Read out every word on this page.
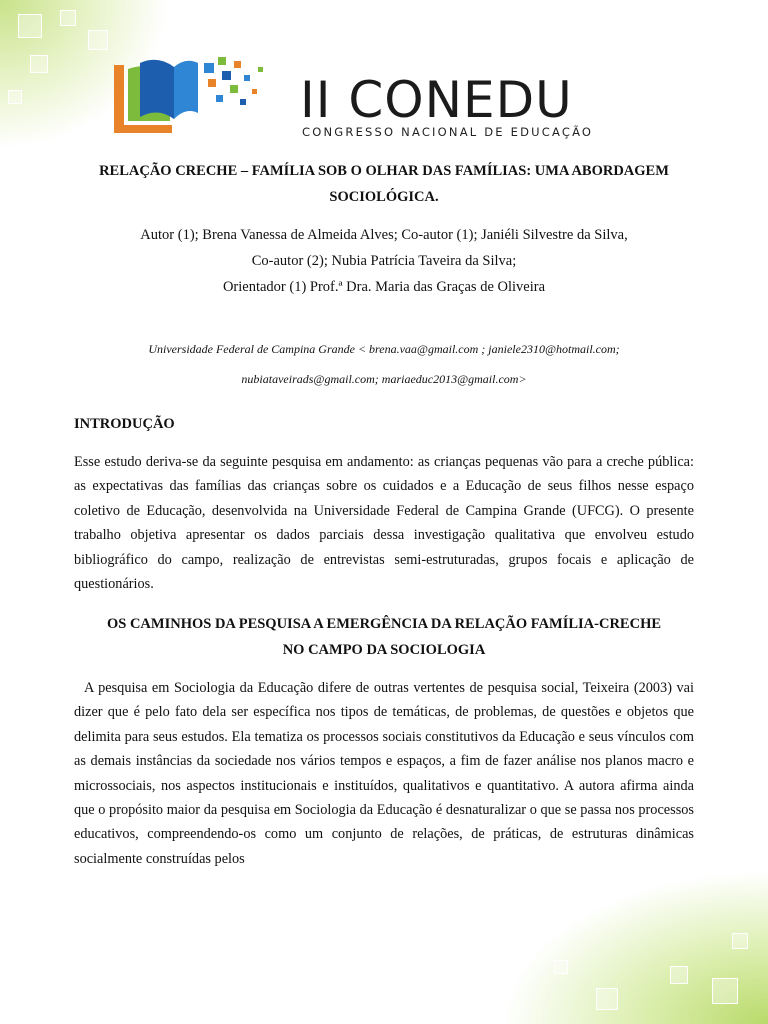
II CONEDU
CONGRESSO NACIONAL DE EDUCAÇÃO
RELAÇÃO CRECHE – FAMÍLIA SOB O OLHAR DAS FAMÍLIAS: UMA ABORDAGEM
SOCIOLÓGICA.
Autor (1); Brena Vanessa de Almeida Alves; Co-autor (1); Janiéli Silvestre da Silva,
Co-autor (2); Nubia Patrícia Taveira da Silva;
Orientador (1) Prof.ª Dra. Maria das Graças de Oliveira
Universidade Federal de Campina Grande < brena.vaa@gmail.com ; janiele2310@hotmail.com;
nubiataveirads@gmail.com; mariaeduc2013@gmail.com>
INTRODUÇÃO

Esse estudo deriva-se da seguinte pesquisa em andamento: as crianças pequenas vão para a creche pública: as expectativas das famílias das crianças sobre os cuidados e a Educação de seus filhos nesse espaço coletivo de Educação, desenvolvida na Universidade Federal de Campina Grande (UFCG). O presente trabalho objetiva apresentar os dados parciais dessa investigação qualitativa que envolveu estudo bibliográfico do campo, realização de entrevistas semi-estruturadas, grupos focais e aplicação de questionários.

OS CAMINHOS DA PESQUISA A EMERGÊNCIA DA RELAÇÃO FAMÍLIA-CRECHE
NO CAMPO DA SOCIOLOGIA

A pesquisa em Sociologia da Educação difere de outras vertentes de pesquisa social, Teixeira (2003) vai dizer que é pelo fato dela ser específica nos tipos de temáticas, de problemas, de questões e objetos que delimita para seus estudos. Ela tematiza os processos sociais constitutivos da Educação e seus vínculos com as demais instâncias da sociedade nos vários tempos e espaços, a fim de fazer análise nos planos macro e microssociais, nos aspectos institucionais e instituídos, qualitativos e quantitativo. A autora afirma ainda que o propósito maior da pesquisa em Sociologia da Educação é desnaturalizar o que se passa nos processos educativos, compreendendo-os como um conjunto de relações, de práticas, de estruturas dinâmicas socialmente construídas pelos
